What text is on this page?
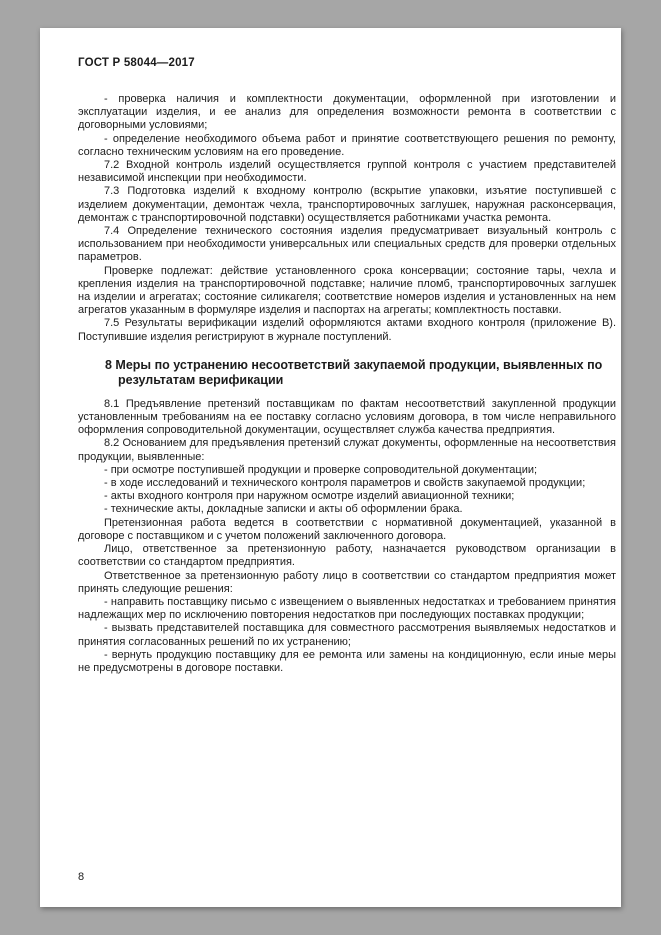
ГОСТ Р 58044—2017

- проверка наличия и комплектности документации, оформленной при изготовлении и эксплуатации изделия, и ее анализ для определения возможности ремонта в соответствии с договорными условиями;

- определение необходимого объема работ и принятие соответствующего решения по ремонту, согласно техническим условиям на его проведение.

7.2 Входной контроль изделий осуществляется группой контроля с участием представителей независимой инспекции при необходимости.

7.3 Подготовка изделий к входному контролю (вскрытие упаковки, изъятие поступившей с изделием документации, демонтаж чехла, транспортировочных заглушек, наружная расконсервация, демонтаж с транспортировочной подставки) осуществляется работниками участка ремонта.

7.4 Определение технического состояния изделия предусматривает визуальный контроль с использованием при необходимости универсальных или специальных средств для проверки отдельных параметров.

Проверке подлежат: действие установленного срока консервации; состояние тары, чехла и крепления изделия на транспортировочной подставке; наличие пломб, транспортировочных заглушек на изделии и агрегатах; состояние силикагеля; соответствие номеров изделия и установленных на нем агрегатов указанным в формуляре изделия и паспортах на агрегаты; комплектность поставки.

7.5 Результаты верификации изделий оформляются актами входного контроля (приложение В). Поступившие изделия регистрируют в журнале поступлений.

8 Меры по устранению несоответствий закупаемой продукции, выявленных по результатам верификации

8.1 Предъявление претензий поставщикам по фактам несоответствий закупленной продукции установленным требованиям на ее поставку согласно условиям договора, в том числе неправильного оформления сопроводительной документации, осуществляет служба качества предприятия.

8.2 Основанием для предъявления претензий служат документы, оформленные на несоответствия продукции, выявленные:

- при осмотре поступившей продукции и проверке сопроводительной документации;

- в ходе исследований и технического контроля параметров и свойств закупаемой продукции;

- акты входного контроля при наружном осмотре изделий авиационной техники;

- технические акты, докладные записки и акты об оформлении брака.

Претензионная работа ведется в соответствии с нормативной документацией, указанной в договоре с поставщиком и с учетом положений заключенного договора.

Лицо, ответственное за претензионную работу, назначается руководством организации в соответствии со стандартом предприятия.

Ответственное за претензионную работу лицо в соответствии со стандартом предприятия может принять следующие решения:

- направить поставщику письмо с извещением о выявленных недостатках и требованием принятия надлежащих мер по исключению повторения недостатков при последующих поставках продукции;

- вызвать представителей поставщика для совместного рассмотрения выявляемых недостатков и принятия согласованных решений по их устранению;

- вернуть продукцию поставщику для ее ремонта или замены на кондиционную, если иные меры не предусмотрены в договоре поставки.

8
